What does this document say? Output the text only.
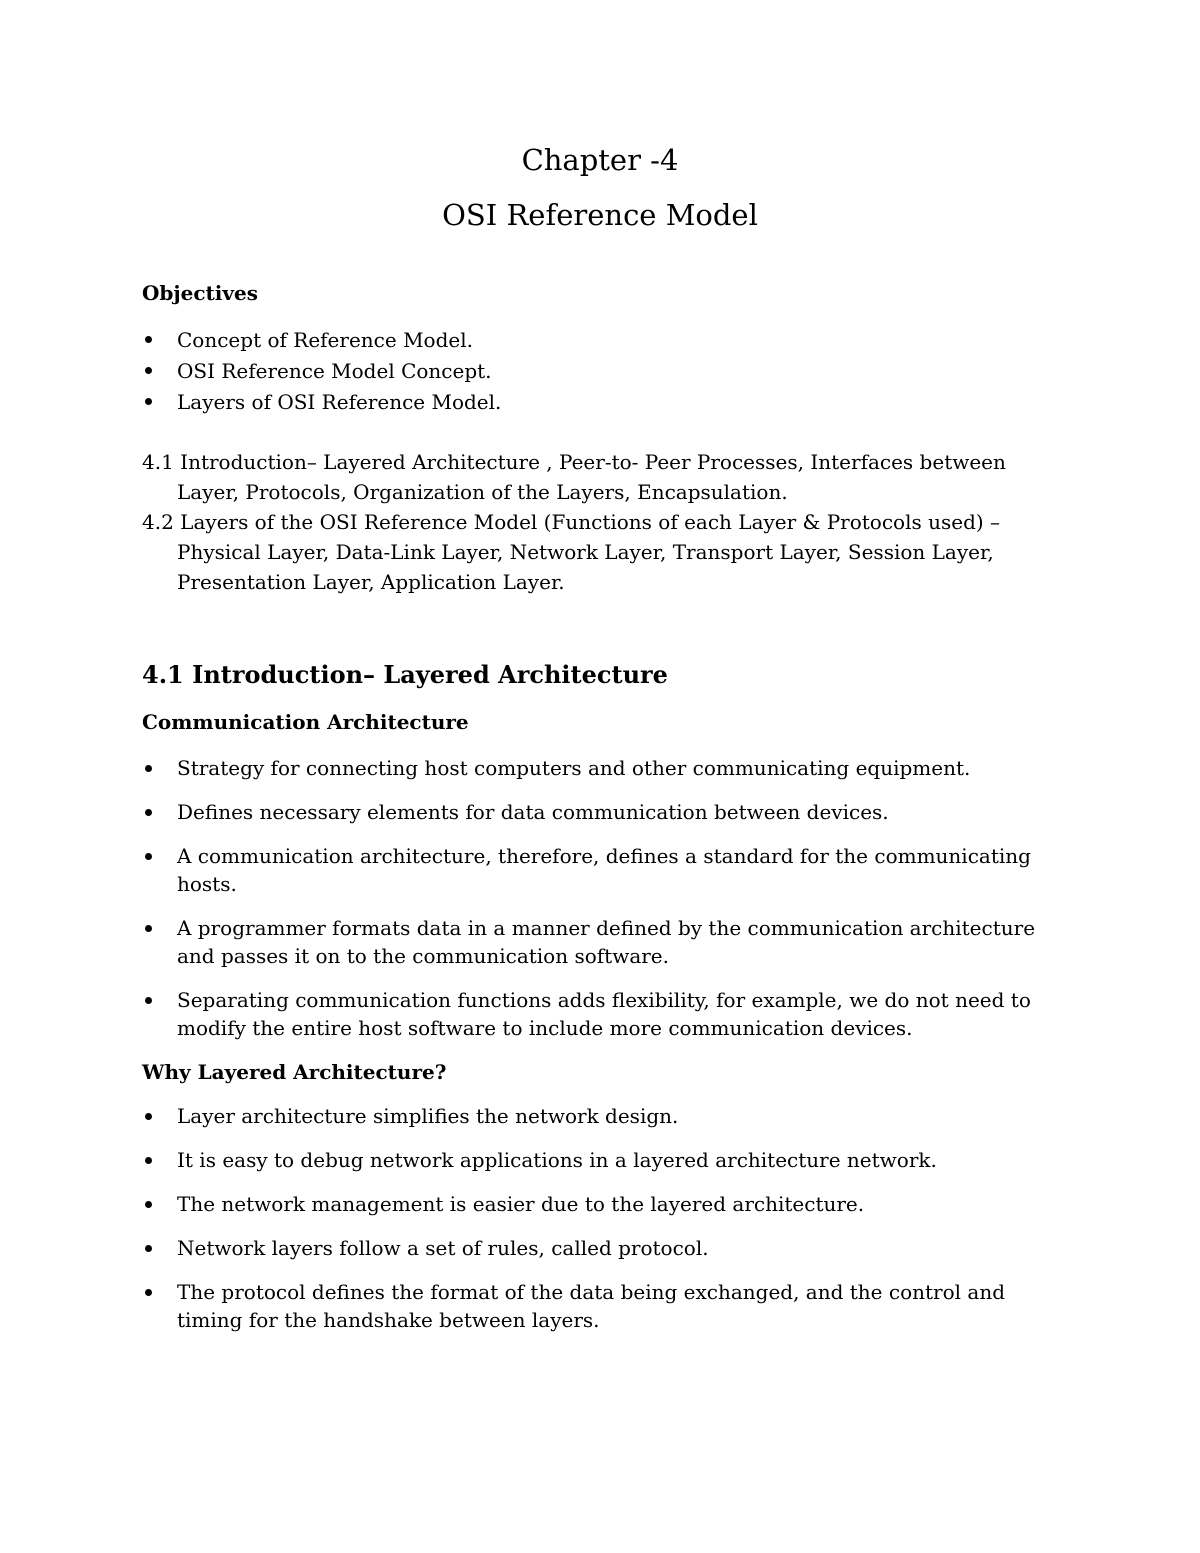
Chapter -4
OSI Reference Model

Objectives

Concept of Reference Model.
OSI Reference Model Concept.
Layers of OSI Reference Model.

4.1 Introduction– Layered Architecture , Peer-to- Peer Processes, Interfaces between Layer, Protocols, Organization of the Layers, Encapsulation.

4.2 Layers of the OSI Reference Model (Functions of each Layer & Protocols used) –Physical Layer, Data-Link Layer, Network Layer, Transport Layer, Session Layer, Presentation Layer, Application Layer.

4.1 Introduction– Layered Architecture

Communication Architecture

Strategy for connecting host computers and other communicating equipment.
Defines necessary elements for data communication between devices.
A communication architecture, therefore, defines a standard for the communicating hosts.
A programmer formats data in a manner defined by the communication architecture and passes it on to the communication software.
Separating communication functions adds flexibility, for example, we do not need to modify the entire host software to include more communication devices.

Why Layered Architecture?

Layer architecture simplifies the network design.
It is easy to debug network applications in a layered architecture network.
The network management is easier due to the layered architecture.
Network layers follow a set of rules, called protocol.
The protocol defines the format of the data being exchanged, and the control and timing for the handshake between layers.
